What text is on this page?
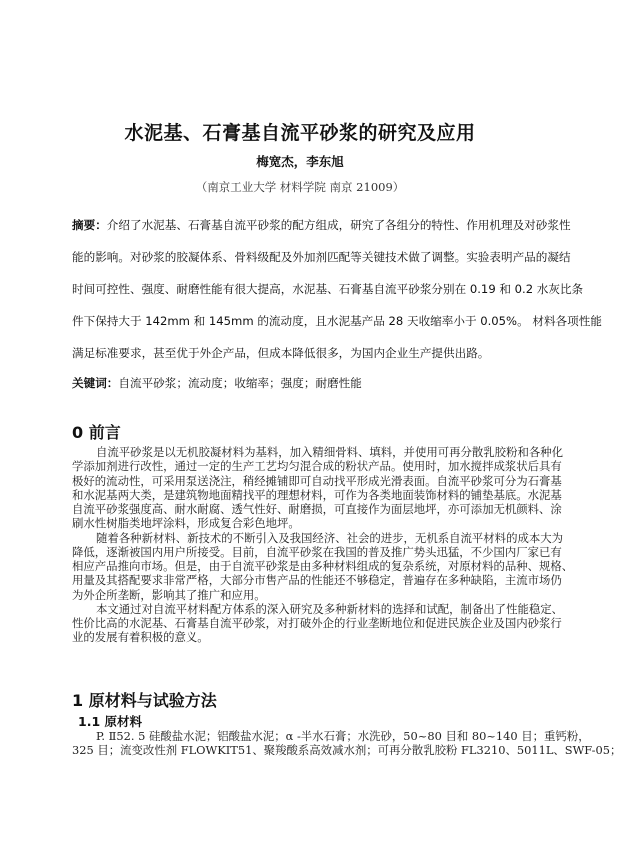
水泥基、石膏基自流平砂浆的研究及应用
梅宽杰，李东旭
（南京工业大学 材料学院 南京 21009）
摘要：介绍了水泥基、石膏基自流平砂浆的配方组成，研究了各组分的特性、作用机理及对砂浆性
能的影响。对砂浆的胶凝体系、骨料级配及外加剂匹配等关键技术做了调整。实验表明产品的凝结
时间可控性、强度、耐磨性能有很大提高，水泥基、石膏基自流平砂浆分别在 0.19 和 0.2 水灰比条
件下保持大于 142mm 和 145mm 的流动度，且水泥基产品 28 天收缩率小于 0.05%。 材料各项性能
满足标准要求，甚至优于外企产品，但成本降低很多，为国内企业生产提供出路。
关键词：自流平砂浆；流动度；收缩率；强度；耐磨性能
0 前言
自流平砂浆是以无机胶凝材料为基料，加入精细骨料、填料，并使用可再分散乳胶粉和各种化
学添加剂进行改性，通过一定的生产工艺均匀混合成的粉状产品。使用时，加水搅拌成浆状后具有
极好的流动性，可采用泵送浇注，稍经摊铺即可自动找平形成光滑表面。自流平砂浆可分为石膏基
和水泥基两大类，是建筑物地面精找平的理想材料，可作为各类地面装饰材料的铺垫基底。水泥基
自流平砂浆强度高、耐水耐腐、透气性好、耐磨损，可直接作为面层地坪，亦可添加无机颜料、涂
刷水性树脂类地坪涂料，形成复合彩色地坪。
随着各种新材料、新技术的不断引入及我国经济、社会的进步，无机系自流平材料的成本大为
降低，逐渐被国内用户所接受。目前，自流平砂浆在我国的普及推广势头迅猛，不少国内厂家已有
相应产品推向市场。但是，由于自流平砂浆是由多种材料组成的复杂系统，对原材料的品种、规格、
用量及其搭配要求非常严格，大部分市售产品的性能还不够稳定，普遍存在多种缺陷，主流市场仍
为外企所垄断，影响其了推广和应用。
本文通过对自流平材料配方体系的深入研究及多种新材料的选择和试配，制备出了性能稳定、
性价比高的水泥基、石膏基自流平砂浆，对打破外企的行业垄断地位和促进民族企业及国内砂浆行
业的发展有着积极的意义。
1 原材料与试验方法
1.1 原材料
P. Ⅱ52. 5 硅酸盐水泥；铝酸盐水泥；α -半水石膏；水洗砂，50~80 目和 80~140 目；重钙粉，
325 目；流变改性剂 FLOWKIT51、聚羧酸系高效减水剂；可再分散乳胶粉 FL3210、5011L、SWF-05；
